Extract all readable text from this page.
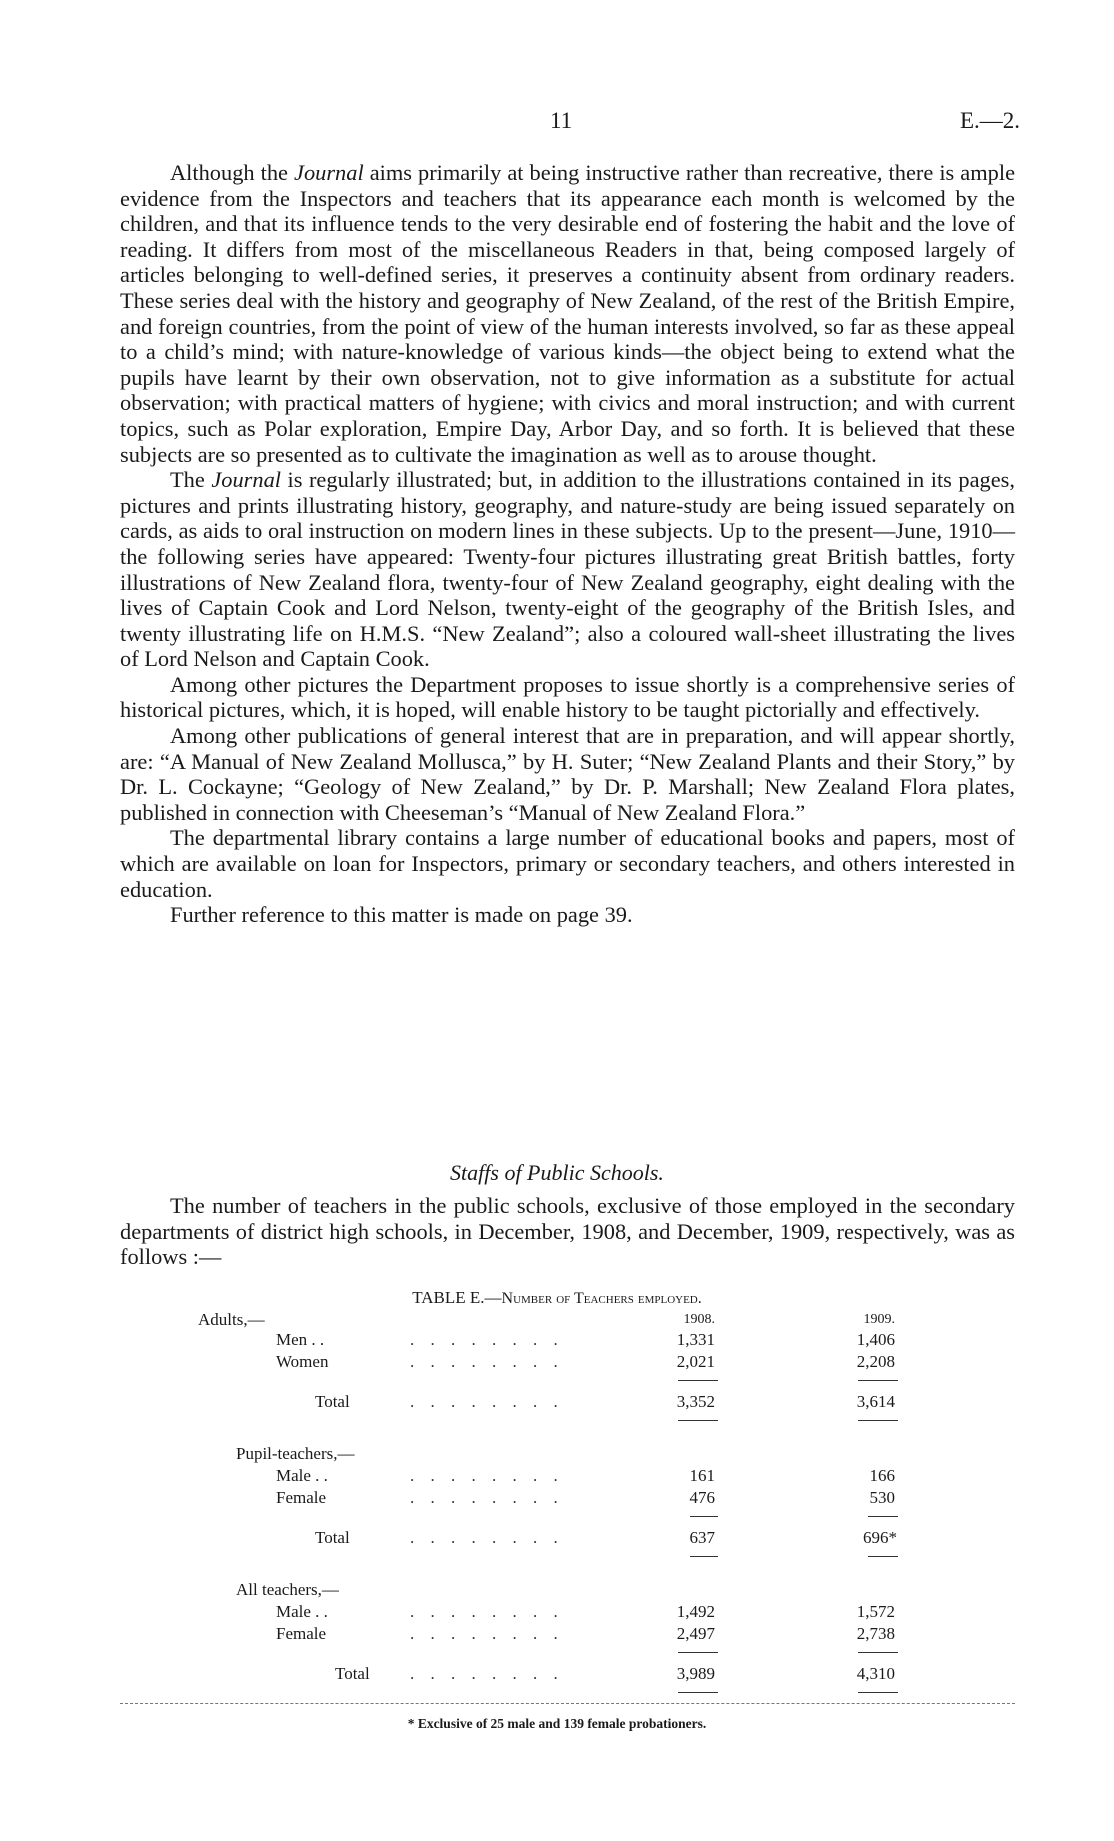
11	E.—2.

Although the Journal aims primarily at being instructive rather than recreative, there is ample evidence from the Inspectors and teachers that its appearance each month is welcomed by the children, and that its influence tends to the very desirable end of fostering the habit and the love of reading. It differs from most of the miscellaneous Readers in that, being composed largely of articles belonging to well-defined series, it preserves a continuity absent from ordinary readers. These series deal with the history and geography of New Zealand, of the rest of the British Empire, and foreign countries, from the point of view of the human interests involved, so far as these appeal to a child’s mind; with nature-knowledge of various kinds—the object being to extend what the pupils have learnt by their own observation, not to give information as a substitute for actual observation; with practical matters of hygiene; with civics and moral instruction; and with current topics, such as Polar exploration, Empire Day, Arbor Day, and so forth. It is believed that these subjects are so presented as to cultivate the imagination as well as to arouse thought.

The Journal is regularly illustrated; but, in addition to the illustrations contained in its pages, pictures and prints illustrating history, geography, and nature-study are being issued separately on cards, as aids to oral instruction on modern lines in these subjects. Up to the present—June, 1910—the following series have appeared: Twenty-four pictures illustrating great British battles, forty illustrations of New Zealand flora, twenty-four of New Zealand geography, eight dealing with the lives of Captain Cook and Lord Nelson, twenty-eight of the geography of the British Isles, and twenty illustrating life on H.M.S. “New Zealand”; also a coloured wall-sheet illustrating the lives of Lord Nelson and Captain Cook.

Among other pictures the Department proposes to issue shortly is a comprehensive series of historical pictures, which, it is hoped, will enable history to be taught pictorially and effectively.

Among other publications of general interest that are in preparation, and will appear shortly, are: “A Manual of New Zealand Mollusca,” by H. Suter; “New Zealand Plants and their Story,” by Dr. L. Cockayne; “Geology of New Zealand,” by Dr. P. Marshall; New Zealand Flora plates, published in connection with Cheeseman’s “Manual of New Zealand Flora.”

The departmental library contains a large number of educational books and papers, most of which are available on loan for Inspectors, primary or secondary teachers, and others interested in education.

Further reference to this matter is made on page 39.

Staffs of Public Schools.

The number of teachers in the public schools, exclusive of those employed in the secondary departments of district high schools, in December, 1908, and December, 1909, respectively, was as follows :—

TABLE E.—Number of Teachers employed.
Adults,—	1908.	1909.
Men . .	. . . . . . . .	1,331	1,406
Women	. . . . . . . .	2,021	2,208
Total	. . . . . . . .	3,352	3,614
Pupil-teachers,—
Male . .	. . . . . . . .	161	166
Female	. . . . . . . .	476	530
Total	. . . . . . . .	637	696*
All teachers,—
Male . .	. . . . . . . .	1,492	1,572
Female	. . . . . . . .	2,497	2,738
Total . . . . . . . .	3,989	4,310
* Exclusive of 25 male and 139 female probationers.
